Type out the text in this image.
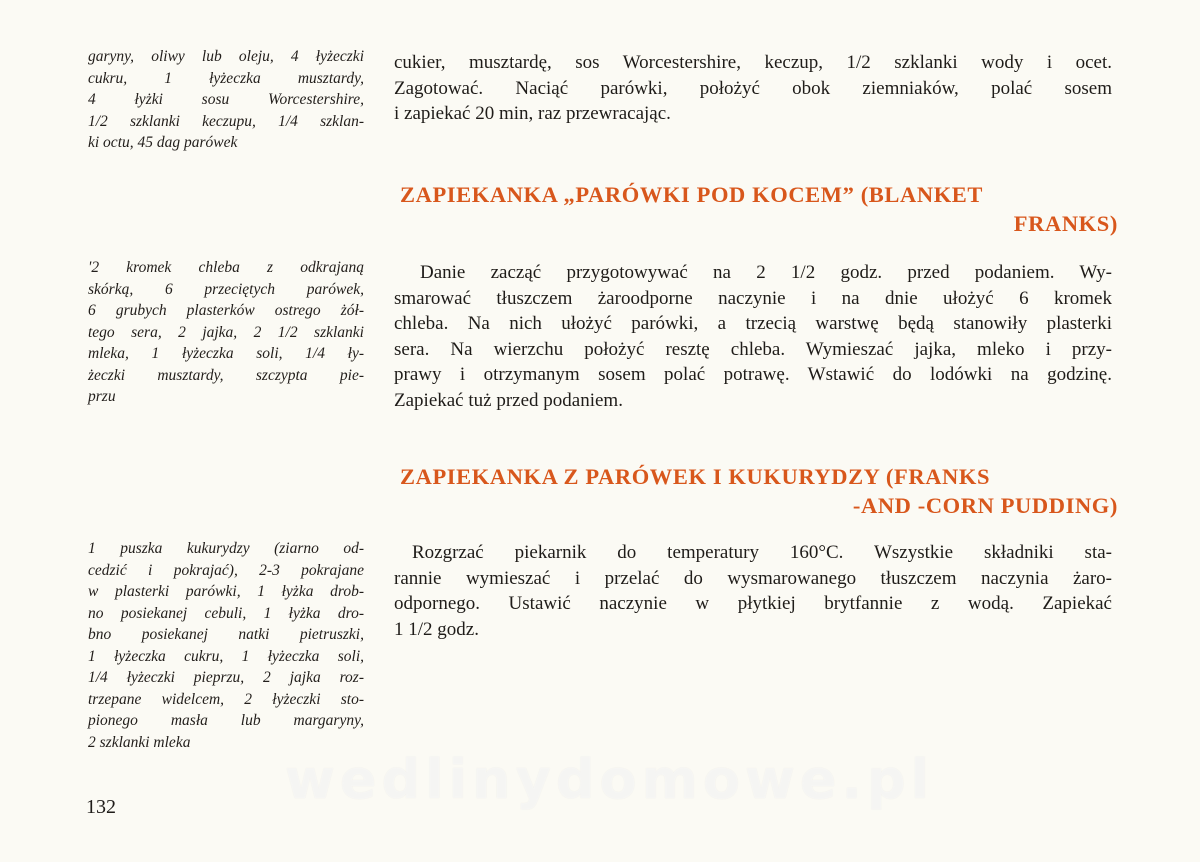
garyny, oliwy lub oleju, 4 łyżeczki
cukru, 1 łyżeczka musztardy,
4 łyżki sosu Worcestershire,
1/2 szklanki keczupu, 1/4 szklan-
ki octu, 45 dag parówek
'2 kromek chleba z odkrajaną
skórką, 6 przeciętych parówek,
6 grubych plasterków ostrego żół-
tego sera, 2 jajka, 2 1/2 szklanki
mleka, 1 łyżeczka soli, 1/4 ły-
żeczki musztardy, szczypta pie-
przu
1 puszka kukurydzy (ziarno od-
cedzić i pokrajać), 2-3 pokrajane
w plasterki parówki, 1 łyżka drob-
no posiekanej cebuli, 1 łyżka dro-
bno posiekanej natki pietruszki,
1 łyżeczka cukru, 1 łyżeczka soli,
1/4 łyżeczki pieprzu, 2 jajka roz-
trzepane widelcem, 2 łyżeczki sto-
pionego masła lub margaryny,
2 szklanki mleka
cukier, musztardę, sos Worcestershire, keczup, 1/2 szklanki wody i ocet.
Zagotować. Naciąć parówki, położyć obok ziemniaków, polać sosem
i zapiekać 20 min, raz przewracając.
ZAPIEKANKA „PARÓWKI POD KOCEM” (BLANKET
FRANKS)
Danie zacząć przygotowywać na 2 1/2 godz. przed podaniem. Wy-
smarować tłuszczem żaroodporne naczynie i na dnie ułożyć 6 kromek
chleba. Na nich ułożyć parówki, a trzecią warstwę będą stanowiły plasterki
sera. Na wierzchu położyć resztę chleba. Wymieszać jajka, mleko i przy-
prawy i otrzymanym sosem polać potrawę. Wstawić do lodówki na godzinę.
Zapiekać tuż przed podaniem.
ZAPIEKANKA Z PARÓWEK I KUKURYDZY (FRANKS
-AND -CORN PUDDING)
Rozgrzać piekarnik do temperatury 160°C. Wszystkie składniki sta-
rannie wymieszać i przelać do wysmarowanego tłuszczem naczynia żaro-
odpornego. Ustawić naczynie w płytkiej brytfannie z wodą. Zapiekać
1 1/2 godz.
wedlinydomowe.pl
132
